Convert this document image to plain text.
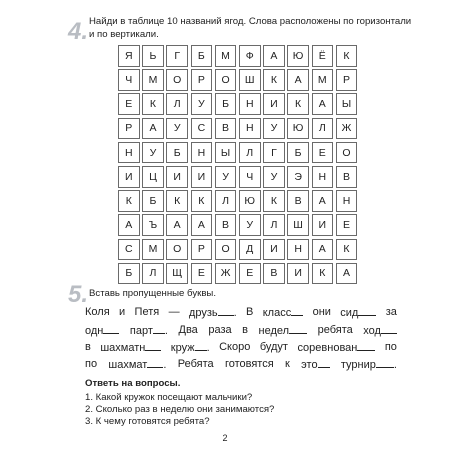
4. Найди в таблице 10 названий ягод. Слова расположены по горизонтали
и по вертикали.
Я	Ь	Г	Б	М	Ф	А	Ю	Ё	К
Ч	М	О	Р	О	Ш	К	А	М	Р
Е	К	Л	У	Б	Н	И	К	А	Ы
Р	А	У	С	В	Н	У	Ю	Л	Ж
Н	У	Б	Н	Ы	Л	Г	Б	Е	О
И	Ц	И	И	У	Ч	У	Э	Н	В
К	Б	К	К	Л	Ю	К	В	А	Н
А	Ъ	А	А	В	У	Л	Ш	И	Е
С	М	О	Р	О	Д	И	Н	А	К
Б	Л	Щ	Е	Ж	Е	В	И	К	А
5. Вставь пропущенные буквы.
Коля и Петя — друзь . В класс	они сид	за
одн	парт . Два раза в недел	ребята ход
в шахматн	круж . Скоро будут соревнован	по
по шахмат . Ребята готовятся к это	турнир .
Ответь на вопросы.
1. Какой кружок посещают мальчики?
2. Сколько раз в неделю они занимаются?
3. К чему готовятся ребята?
2
